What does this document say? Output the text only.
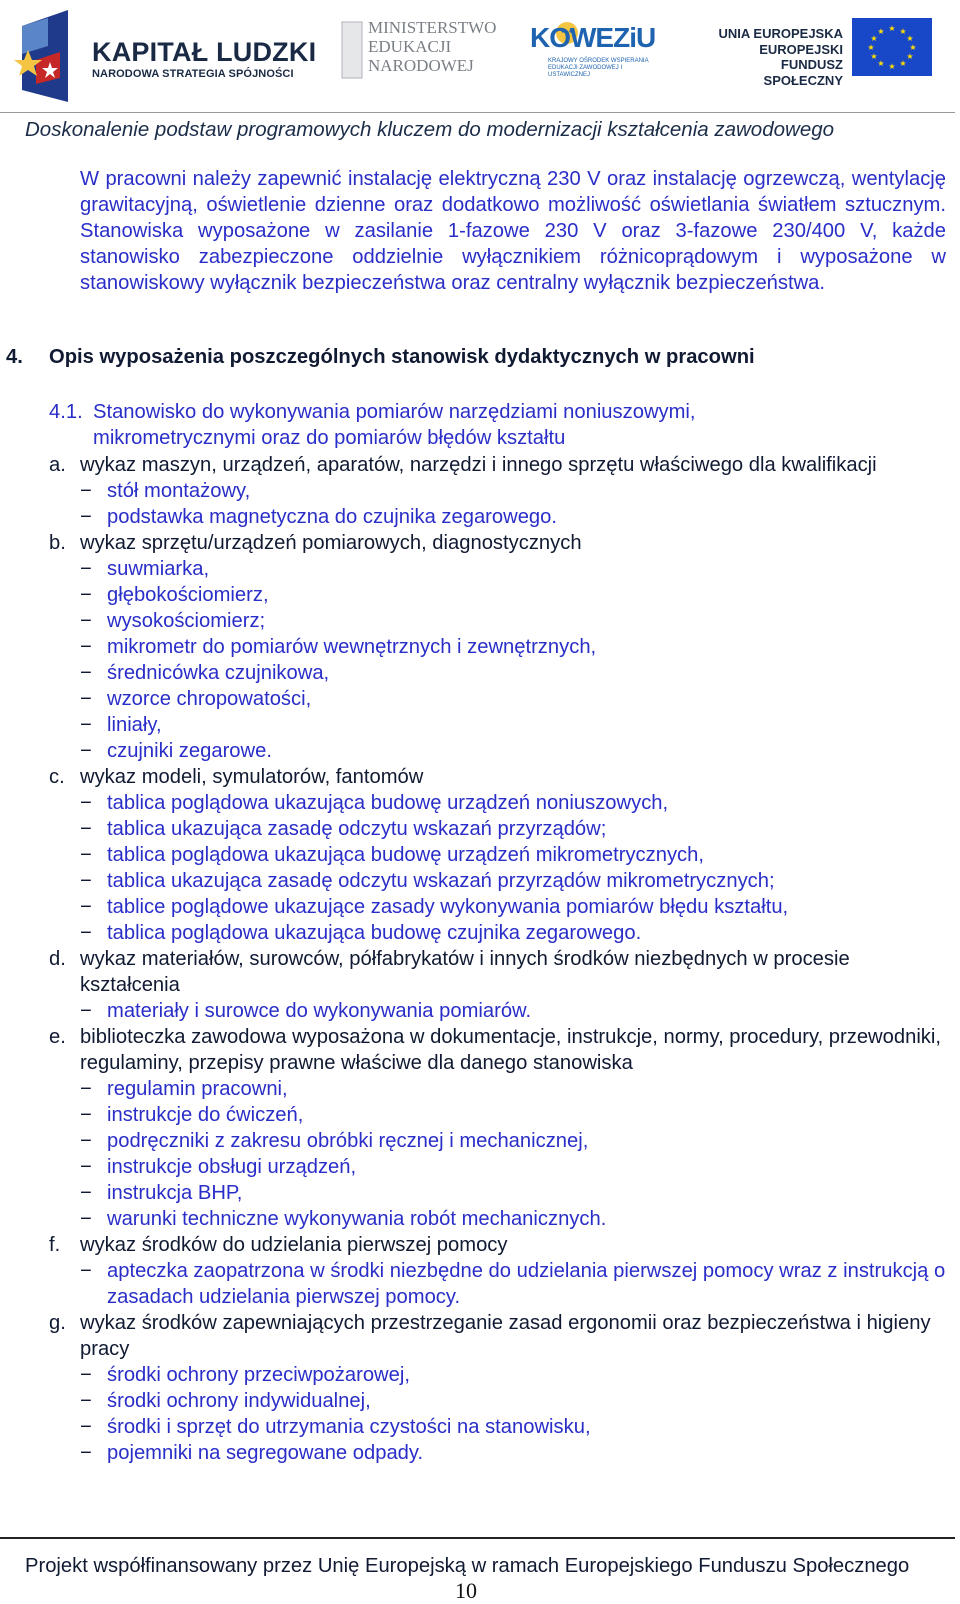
KAPITAŁ LUDZKI
NARODOWA STRATEGIA SPÓJNOŚCI
MINISTERSTWO
EDUKACJI
NARODOWEJ
KOWEZiU
KRAJOWY OŚRODEK WSPIERANIA
EDUKACJI ZAWODOWEJ I USTAWICZNEJ
UNIA EUROPEJSKA
EUROPEJSKI
FUNDUSZ SPOŁECZNY
★ ★
★
★
★
★
★
★
★
★
★
★
Doskonalenie podstaw programowych kluczem do modernizacji kształcenia zawodowego
W pracowni należy zapewnić instalację elektryczną 230 V oraz instalację ogrzewczą, wentylację grawitacyjną, oświetlenie dzienne oraz dodatkowo możliwość oświetlania światłem sztucznym. Stanowiska wyposażone w zasilanie 1-fazowe 230 V oraz 3-fazowe 230/400 V, każde stanowisko zabezpieczone oddzielnie wyłącznikiem różnicoprądowym i wyposażone w stanowiskowy wyłącznik bezpieczeństwa oraz centralny wyłącznik bezpieczeństwa.
4. Opis wyposażenia poszczególnych stanowisk dydaktycznych w pracowni
4.1. Stanowisko do wykonywania pomiarów narzędziami noniuszowymi,
mikrometrycznymi oraz do pomiarów błędów kształtu
a. wykaz maszyn, urządzeń, aparatów, narzędzi i innego sprzętu właściwego dla kwalifikacji
− stół montażowy,
− podstawka magnetyczna do czujnika zegarowego.
b. wykaz sprzętu/urządzeń pomiarowych, diagnostycznych
− suwmiarka,
− głębokościomierz,
− wysokościomierz;
− mikrometr do pomiarów wewnętrznych i zewnętrznych,
− średnicówka czujnikowa,
− wzorce chropowatości,
− liniały,
− czujniki zegarowe.
c. wykaz modeli, symulatorów, fantomów
− tablica poglądowa ukazująca budowę urządzeń noniuszowych,
− tablica ukazująca zasadę odczytu wskazań przyrządów;
− tablica poglądowa ukazująca budowę urządzeń mikrometrycznych,
− tablica ukazująca zasadę odczytu wskazań przyrządów mikrometrycznych;
− tablice poglądowe ukazujące zasady wykonywania pomiarów błędu kształtu,
− tablica poglądowa ukazująca budowę czujnika zegarowego.
d. wykaz materiałów, surowców, półfabrykatów i innych środków niezbędnych w procesie kształcenia
− materiały i surowce do wykonywania pomiarów.
e. biblioteczka zawodowa wyposażona w dokumentacje, instrukcje, normy, procedury, przewodniki, regulaminy, przepisy prawne właściwe dla danego stanowiska
− regulamin pracowni,
− instrukcje do ćwiczeń,
− podręczniki z zakresu obróbki ręcznej i mechanicznej,
− instrukcje obsługi urządzeń,
− instrukcja BHP,
− warunki techniczne wykonywania robót mechanicznych.
f. wykaz środków do udzielania pierwszej pomocy
− apteczka zaopatrzona w środki niezbędne do udzielania pierwszej pomocy wraz z instrukcją o zasadach udzielania pierwszej pomocy.
g. wykaz środków zapewniających przestrzeganie zasad ergonomii oraz bezpieczeństwa i higieny pracy
− środki ochrony przeciwpożarowej,
− środki ochrony indywidualnej,
− środki i sprzęt do utrzymania czystości na stanowisku,
− pojemniki na segregowane odpady.
Projekt współfinansowany przez Unię Europejską w ramach Europejskiego Funduszu Społecznego
10
